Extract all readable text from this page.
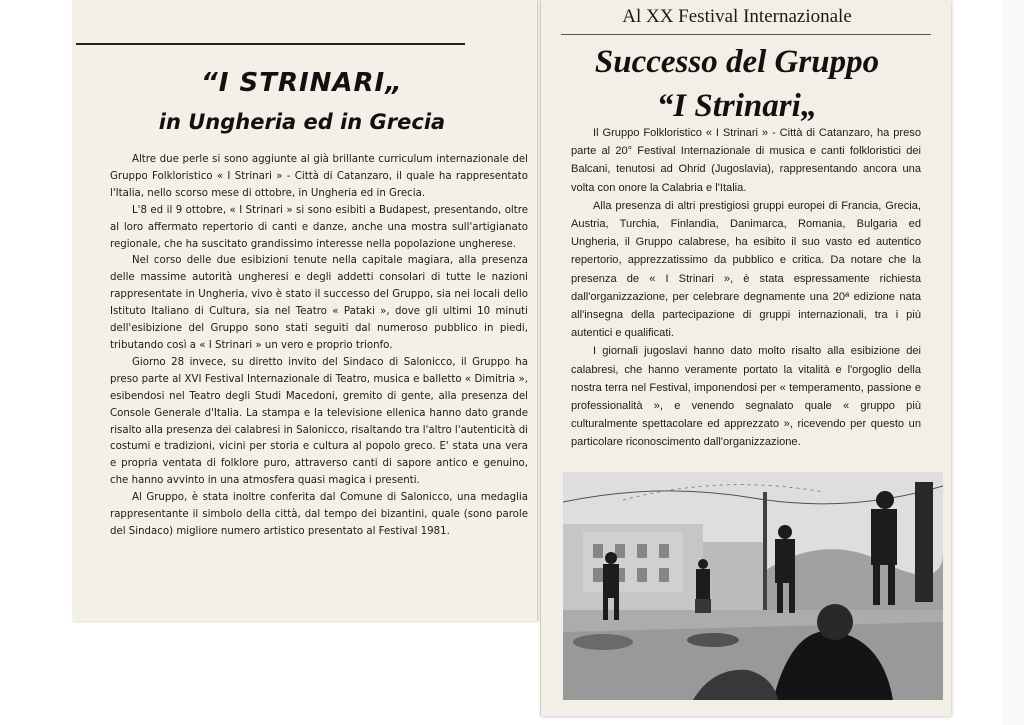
“I STRINARI„
in Ungheria ed in Grecia

Altre due perle si sono aggiunte al già brillante curriculum internazionale del Gruppo Folkloristico « I Strinari » - Città di Catanzaro, il quale ha rappresentato l'Italia, nello scorso mese di ottobre, in Ungheria ed in Grecia.

L'8 ed il 9 ottobre, « I Strinari » si sono esibiti a Budapest, presentando, oltre al loro affermato repertorio di canti e danze, anche una mostra sull'artigianato regionale, che ha suscitato grandissimo interesse nella popolazione ungherese.

Nel corso delle due esibizioni tenute nella capitale magiara, alla presenza delle massime autorità ungheresi e degli addetti consolari di tutte le nazioni rappresentate in Ungheria, vivo è stato il successo del Gruppo, sia nei locali dello Istituto Italiano di Cultura, sia nel Teatro « Pataki », dove gli ultimi 10 minuti dell'esibizione del Gruppo sono stati seguiti dal numeroso pubblico in piedi, tributando così a « I Strinari » un vero e proprio trionfo.

Giorno 28 invece, su diretto invito del Sindaco di Salonicco, il Gruppo ha preso parte al XVI Festival Internazionale di Teatro, musica e balletto « Dimitria », esibendosi nel Teatro degli Studi Macedoni, gremito di gente, alla presenza del Console Generale d'Italia. La stampa e la televisione ellenica hanno dato grande risalto alla presenza dei calabresi in Salonicco, risaltando tra l'altro l'autenticità di costumi e tradizioni, vicini per storia e cultura al popolo greco. E' stata una vera e propria ventata di folklore puro, attraverso canti di sapore antico e genuino, che hanno avvinto in una atmosfera quasi magica i presenti.

Al Gruppo, è stata inoltre conferita dal Comune di Salonicco, una medaglia rappresentante il simbolo della città, dal tempo dei bizantini, quale (sono parole del Sindaco) migliore numero artistico presentato al Festival 1981.

Al XX Festival Internazionale
Successo del Gruppo
“I Strinari„

Il Gruppo Folkloristico « I Strinari » - Città di Catanzaro, ha preso parte al 20° Festival Internazionale di musica e canti folkloristici dei Balcani, tenutosi ad Ohrid (Jugoslavia), rappresentando ancora una volta con onore la Calabria e l'Italia.

Alla presenza di altri prestigiosi gruppi europei di Francia, Grecia, Austria, Turchia, Finlandia, Danimarca, Romania, Bulgaria ed Ungheria, il Gruppo calabrese, ha esibito il suo vasto ed autentico repertorio, apprezzatissimo da pubblico e critica. Da notare che la presenza de « I Strinari », è stata espressamente richiesta dall'organizzazione, per celebrare degnamente una 20ª edizione nata all'insegna della partecipazione di gruppi internazionali, tra i più autentici e qualificati.

I giornali jugoslavi hanno dato molto risalto alla esibizione dei calabresi, che hanno veramente portato la vitalità e l'orgoglio della nostra terra nel Festival, imponendosi per « temperamento, passione e professionalità », e venendo segnalato quale « gruppo più culturalmente spettacolare ed apprezzato », ricevendo per questo un particolare riconoscimento dall'organizzazione.
